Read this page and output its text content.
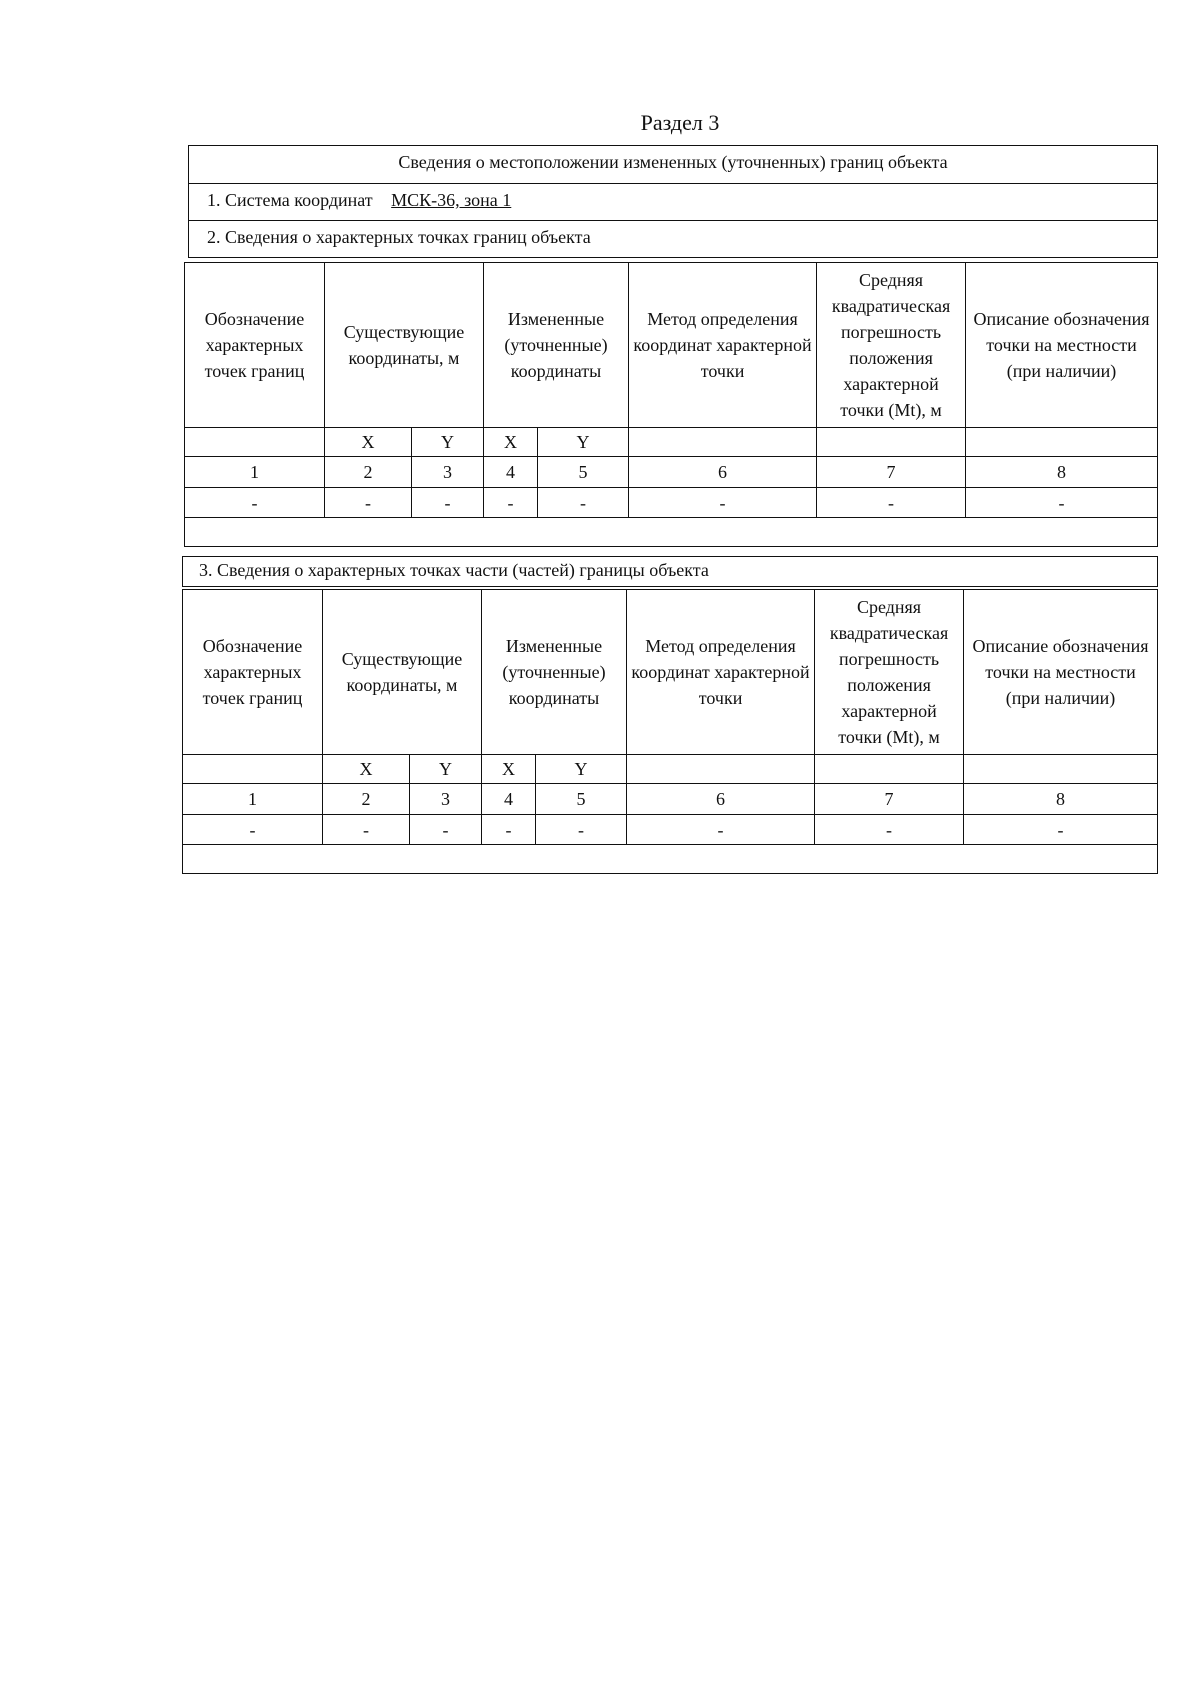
Раздел 3
Сведения о местоположении измененных (уточненных) границ объекта
1. Система координат МСК-36, зона 1
2. Сведения о характерных точках границ объекта
Обозначение характерных точек границ	Существующие координаты, м		Измененные (уточненные) координаты		Метод определения координат характерной точки	Средняя квадратическая погрешность положения характерной точки (Mt), м	Описание обозначения точки на местности (при наличии)
	X	Y	X	Y			
1	2	3	4	5	6	7	8
-	-	-	-	-	-	-	-

3. Сведения о характерных точках части (частей) границы объекта
Обозначение характерных точек границ	Существующие координаты, м		Измененные (уточненные) координаты		Метод определения координат характерной точки	Средняя квадратическая погрешность положения характерной точки (Mt), м	Описание обозначения точки на местности (при наличии)
	X	Y	X	Y			
1	2	3	4	5	6	7	8
-	-	-	-	-	-	-	-
